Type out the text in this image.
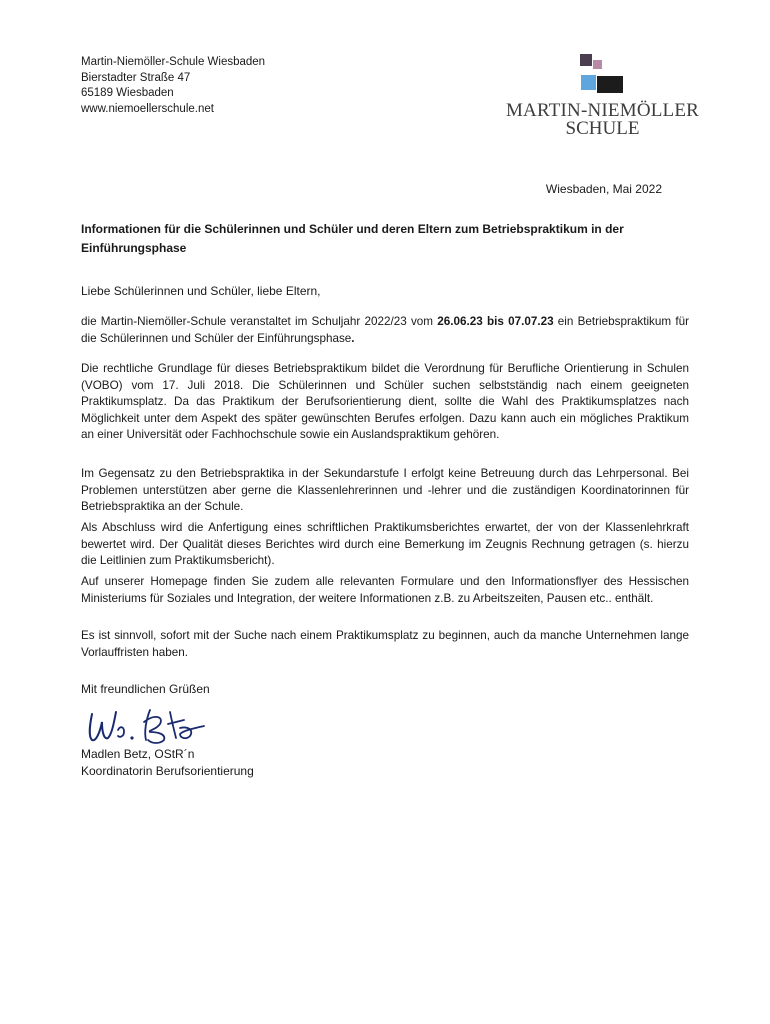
Martin-Niemöller-Schule Wiesbaden
Bierstadter Straße 47
65189 Wiesbaden
www.niemoellerschule.net	MARTIN-NIEMÖLLER
SCHULE
Wiesbaden, Mai 2022
Informationen für die Schülerinnen und Schüler und deren Eltern zum Betriebspraktikum in der Einführungsphase
Liebe Schülerinnen und Schüler, liebe Eltern,
die Martin-Niemöller-Schule veranstaltet im Schuljahr 2022/23 vom 26.06.23 bis 07.07.23 ein Betriebspraktikum für die Schülerinnen und Schüler der Einführungsphase.
Die rechtliche Grundlage für dieses Betriebspraktikum bildet die Verordnung für Berufliche Orientierung in Schulen (VOBO) vom 17. Juli 2018. Die Schülerinnen und Schüler suchen selbstständig nach einem geeigneten Praktikumsplatz. Da das Praktikum der Berufsorientierung dient, sollte die Wahl des Praktikumsplatzes nach Möglichkeit unter dem Aspekt des später gewünschten Berufes erfolgen. Dazu kann auch ein mögliches Praktikum an einer Universität oder Fachhochschule sowie ein Auslandspraktikum gehören.
Im Gegensatz zu den Betriebspraktika in der Sekundarstufe I erfolgt keine Betreuung durch das Lehrpersonal. Bei Problemen unterstützen aber gerne die Klassenlehrerinnen und -lehrer und die zuständigen Koordinatorinnen für Betriebspraktika an der Schule.
Als Abschluss wird die Anfertigung eines schriftlichen Praktikumsberichtes erwartet, der von der Klassenlehrkraft bewertet wird. Der Qualität dieses Berichtes wird durch eine Bemerkung im Zeugnis Rechnung getragen (s. hierzu die Leitlinien zum Praktikumsbericht).
Auf unserer Homepage finden Sie zudem alle relevanten Formulare und den Informationsflyer des Hessischen Ministeriums für Soziales und Integration, der weitere Informationen z.B. zu Arbeitszeiten, Pausen etc.. enthält.
Es ist sinnvoll, sofort mit der Suche nach einem Praktikumsplatz zu beginnen, auch da manche Unternehmen lange Vorlauffristen haben.
Mit freundlichen Grüßen
Madlen Betz, OStR´n
Koordinatorin Berufsorientierung
